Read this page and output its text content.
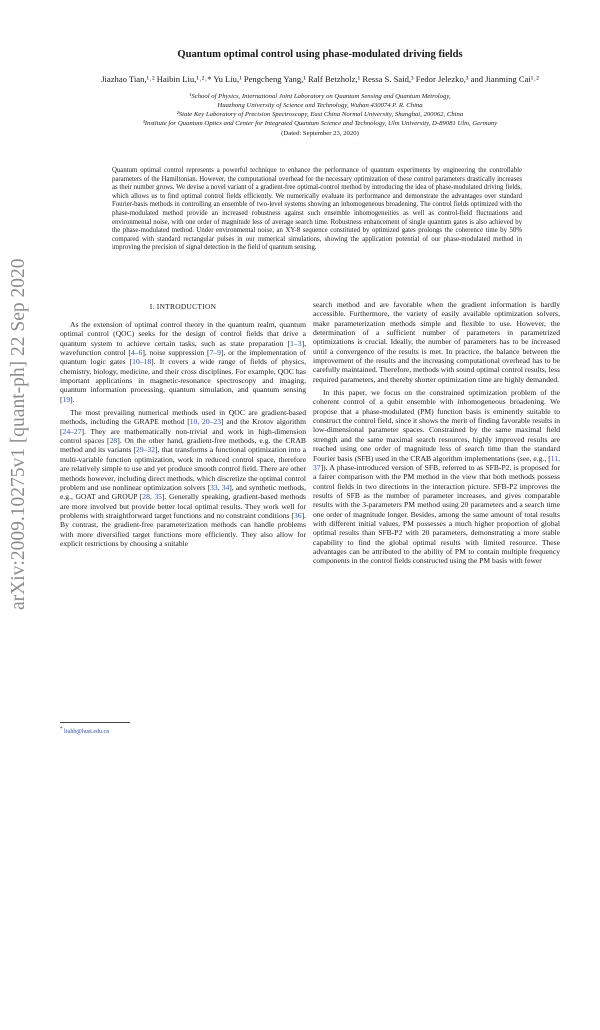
arXiv:2009.10275v1 [quant-ph] 22 Sep 2020
Quantum optimal control using phase-modulated driving fields
Jiazhao Tian,¹˒² Haibin Liu,¹˒²˒* Yu Liu,¹ Pengcheng Yang,¹ Ralf Betzholz,¹ Ressa S. Said,³ Fedor Jelezko,³ and Jianming Cai¹˒²
¹School of Physics, International Joint Laboratory on Quantum Sensing and Quantum Metrology,
Huazhong University of Science and Technology, Wuhan 430074 P. R. China
²State Key Laboratory of Precision Spectroscopy, East China Normal University, Shanghai, 200062, China
³Institute for Quantum Optics and Center for Integrated Quantum Science and Technology, Ulm University, D-89081 Ulm, Germany
(Dated: September 23, 2020)
Quantum optimal control represents a powerful technique to enhance the performance of quantum experiments by engineering the controllable parameters of the Hamiltonian. However, the computational overhead for the necessary optimization of these control parameters drastically increases as their number grows. We devise a novel variant of a gradient-free optimal-control method by introducing the idea of phase-modulated driving fields, which allows us to find optimal control fields efficiently. We numerically evaluate its performance and demonstrate the advantages over standard Fourier-basis methods in controlling an ensemble of two-level systems showing an inhomogeneous broadening. The control fields optimized with the phase-modulated method provide an increased robustness against such ensemble inhomogeneities as well as control-field fluctuations and environmental noise, with one order of magnitude less of average search time. Robustness enhancement of single quantum gates is also achieved by the phase-modulated method. Under environmental noise, an XY-8 sequence constituted by optimized gates prolongs the coherence time by 50% compared with standard rectangular pulses in our numerical simulations, showing the application potential of our phase-modulated method in improving the precision of signal detection in the field of quantum sensing.
I. INTRODUCTION

As the extension of optimal control theory in the quantum realm, quantum optimal control (QOC) seeks for the design of control fields that drive a quantum system to achieve certain tasks, such as state preparation [1–3], wavefunction control [4–6], noise suppression [7–9], or the implementation of quantum logic gates [10–18]. It covers a wide range of fields of physics, chemistry, biology, medicine, and their cross disciplines. For example, QOC has important applications in magnetic-resonance spectroscopy and imaging, quantum information processing, quantum simulation, and quantum sensing [19].

The most prevailing numerical methods used in QOC are gradient-based methods, including the GRAPE method [10, 20–23] and the Krotov algorithm [24–27]. They are mathematically non-trivial and work in high-dimension control spaces [28]. On the other hand, gradient-free methods, e.g. the CRAB method and its variants [29–32], that transforms a functional optimization into a multi-variable function optimization, work in reduced control space, therefore are relatively simple to use and yet produce smooth control field. There are other methods however, including direct methods, which discretize the optimal control problem and use nonlinear optimization solvers [33, 34], and synthetic methods, e.g., GOAT and GROUP [28, 35]. Generally speaking, gradient-based methods are more involved but provide better local optimal results. They work well for problems with straightforward target functions and no constraint conditions [36]. By contrast, the gradient-free parameterization methods can handle problems with more diversified target functions more efficiently. They also allow for explicit restrictions by choosing a suitable

search method and are favorable when the gradient information is hardly accessible. Furthermore, the variety of easily available optimization solvers, make parameterization methods simple and flexible to use. However, the determination of a sufficient number of parameters in parametrized optimizations is crucial. Ideally, the number of parameters has to be increased until a convergence of the results is met. In practice, the balance between the improvement of the results and the increasing computational overhead has to be carefully maintained. Therefore, methods with sound optimal control results, less required parameters, and thereby shorter optimization time are highly demanded.

In this paper, we focus on the constrained optimization problem of the coherent control of a qubit ensemble with inhomogeneous broadening. We propose that a phase-modulated (PM) function basis is eminently suitable to construct the control field, since it shows the merit of finding favorable results in low-dimensional parameter spaces. Constrained by the same maximal field strength and the same maximal search resources, highly improved results are reached using one order of magnitude less of search time than the standard Fourier basis (SFB) used in the CRAB algorithm implementations (see, e.g., [11, 37]). A phase-introduced version of SFB, referred to as SFB-P2, is proposed for a fairer comparison with the PM method in the view that both methods possess control fields in two directions in the interaction picture. SFB-P2 improves the results of SFB as the number of parameter increases, and gives comparable results with the 3-parameters PM method using 20 parameters and a search time one order of magnitude longer. Besides, among the same amount of total results with different initial values, PM possesses a much higher proportion of global optimal results than SFB-P2 with 20 parameters, demonstrating a more stable capability to find the global optimal results with limited resource. These advantages can be attributed to the ability of PM to contain multiple frequency components in the control fields constructed using the PM basis with fewer

* liuhb@hust.edu.cn
